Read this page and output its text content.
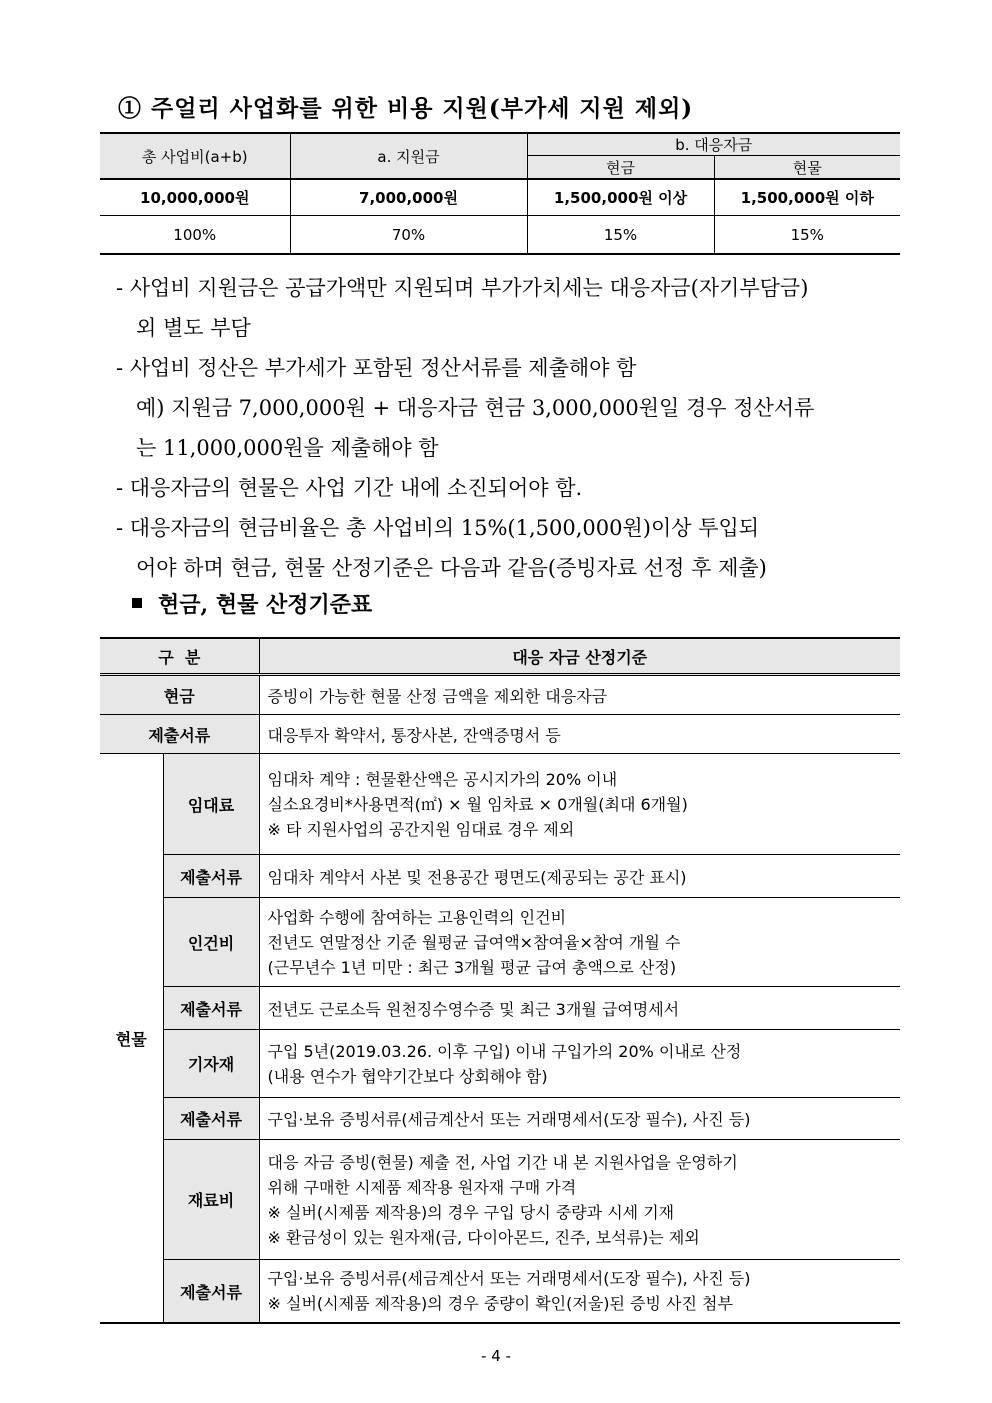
① 주얼리 사업화를 위한 비용 지원(부가세 지원 제외)
총 사업비(a+b)	a. 지원금	b. 대응자금	
		현금	현물
10,000,000원	7,000,000원	1,500,000원 이상	1,500,000원 이하
100%	70%	15%	15%

- 사업비 지원금은 공급가액만 지원되며 부가가치세는 대응자금(자기부담금)

외 별도 부담

- 사업비 정산은 부가세가 포함된 정산서류를 제출해야 함

예) 지원금 7,000,000원 + 대응자금 현금 3,000,000원일 경우 정산서류

는 11,000,000원을 제출해야 함

- 대응자금의 현물은 사업 기간 내에 소진되어야 함.

- 대응자금의 현금비율은 총 사업비의 15%(1,500,000원)이상 투입되

어야 하며 현금, 현물 산정기준은 다음과 같음(증빙자료 선정 후 제출)

현금, 현물 산정기준표
구  분		대응 자금 산정기준
현금		증빙이 가능한 현물 산정 금액을 제외한 대응자금
제출서류		대응투자 확약서, 통장사본, 잔액증명서 등
현물	임대료	임대차 계약 : 현물환산액은 공시지가의 20% 이내
실소요경비*사용면적(㎡) × 월 임차료 × 0개월(최대 6개월)
※ 타 지원사업의 공간지원 임대료 경우 제외

	제출서류	임대차 계약서 사본 및 전용공간 평면도(제공되는 공간 표시)
	인건비	사업화 수행에 참여하는 고용인력의 인건비
전년도 연말정산 기준 월평균 급여액×참여율×참여 개월 수
(근무년수 1년 미만 : 최근 3개월 평균 급여 총액으로 산정)

	제출서류	전년도 근로소득 원천징수영수증 및 최근 3개월 급여명세서
	기자재	구입 5년(2019.03.26. 이후 구입) 이내 구입가의 20% 이내로 산정
(내용 연수가 협약기간보다 상회해야 함)

	제출서류	구입·보유 증빙서류(세금계산서 또는 거래명세서(도장 필수), 사진 등)
	재료비	대응 자금 증빙(현물) 제출 전, 사업 기간 내 본 지원사업을 운영하기
위해 구매한 시제품 제작용 원자재 구매 가격
※ 실버(시제품 제작용)의 경우 구입 당시 중량과 시세 기재
※ 환금성이 있는 원자재(금, 다이아몬드, 진주, 보석류)는 제외

	제출서류	구입·보유 증빙서류(세금계산서 또는 거래명세서(도장 필수), 사진 등)
※ 실버(시제품 제작용)의 경우 중량이 확인(저울)된 증빙 사진 첨부
- 4 -
